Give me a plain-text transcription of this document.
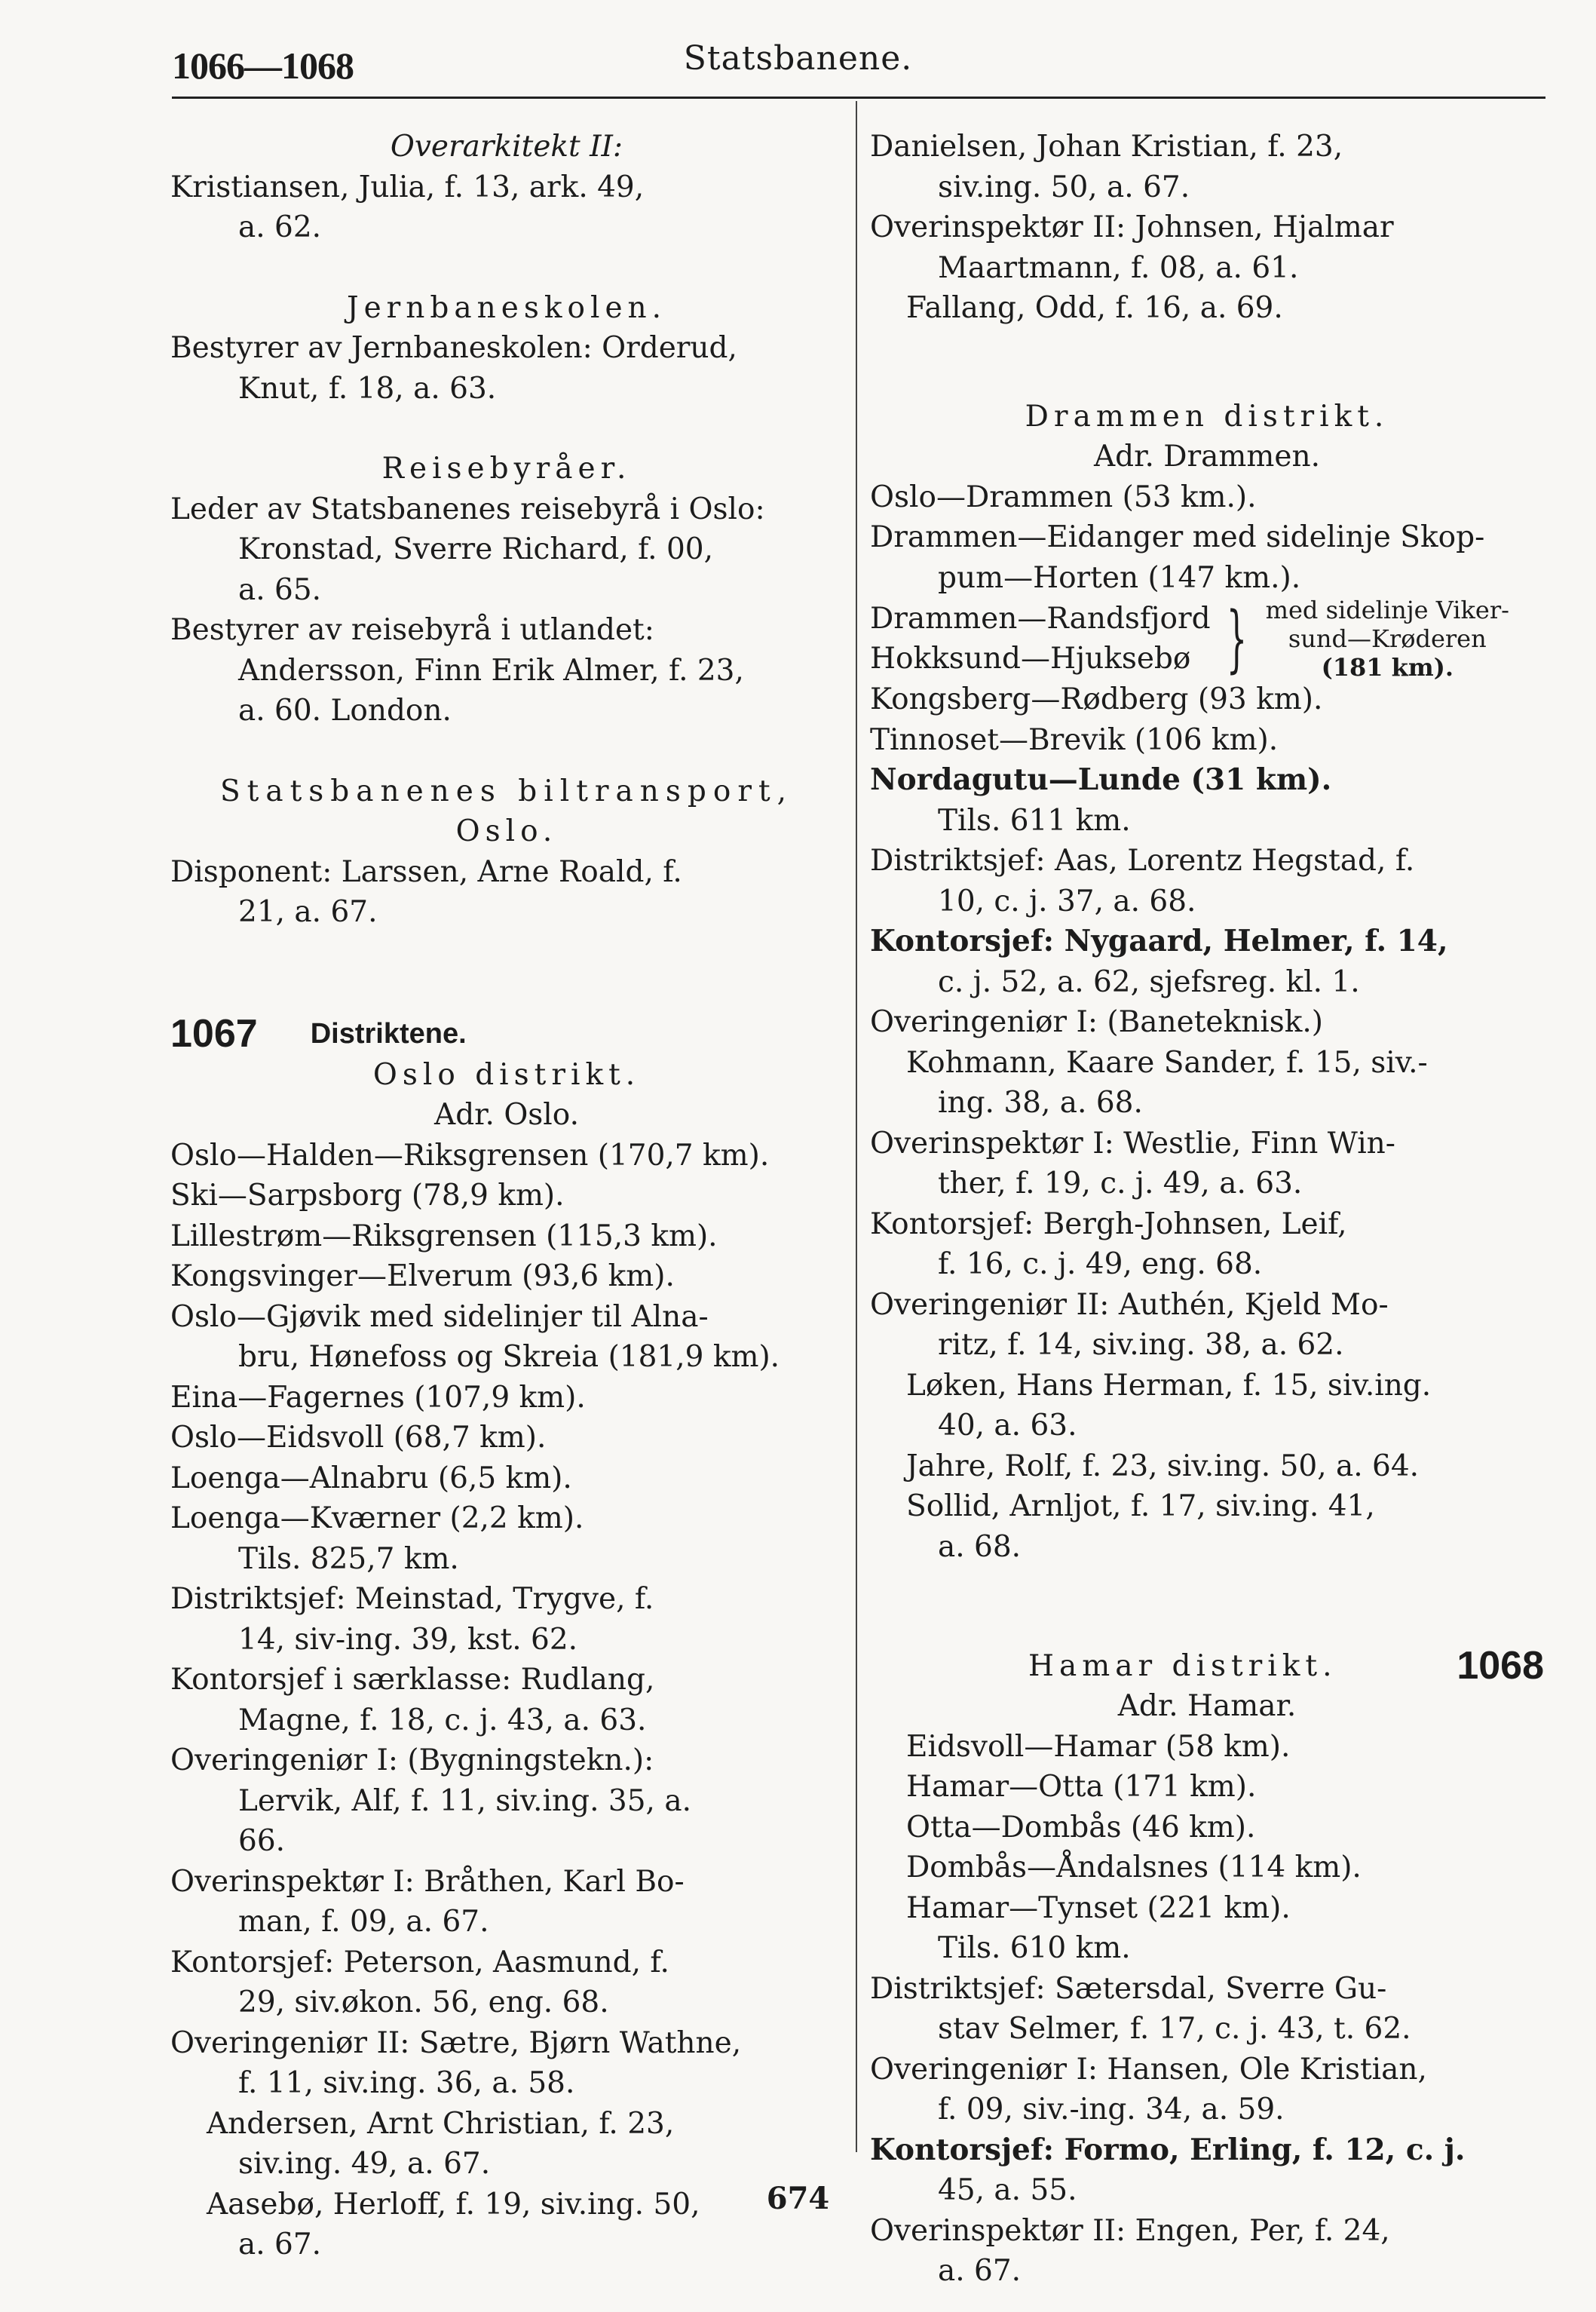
1066—1068	Statsbanene.
Overarkitekt II:
Kristiansen, Julia, f. 13, ark. 49,
a. 62.
Jernbaneskolen.
Bestyrer av Jernbaneskolen: Orderud,
Knut, f. 18, a. 63.
Reisebyråer.
Leder av Statsbanenes reisebyrå i Oslo:
Kronstad, Sverre Richard, f. 00,
a. 65.
Bestyrer av reisebyrå i utlandet:
Andersson, Finn Erik Almer, f. 23,
a. 60. London.
Statsbanenes biltransport,
Oslo.
Disponent: Larssen, Arne Roald, f.
21, a. 67.
1067 Distriktene.
Oslo distrikt.
Adr. Oslo.
Oslo—Halden—Riksgrensen (170,7 km).
Ski—Sarpsborg (78,9 km).
Lillestrøm—Riksgrensen (115,3 km).
Kongsvinger—Elverum (93,6 km).
Oslo—Gjøvik med sidelinjer til Alna-
bru, Hønefoss og Skreia (181,9 km).
Eina—Fagernes (107,9 km).
Oslo—Eidsvoll (68,7 km).
Loenga—Alnabru (6,5 km).
Loenga—Kværner (2,2 km).
Tils. 825,7 km.
Distriktsjef: Meinstad, Trygve, f.
14, siv-ing. 39, kst. 62.
Kontorsjef i særklasse: Rudlang,
Magne, f. 18, c. j. 43, a. 63.
Overingeniør I: (Bygningstekn.):
Lervik, Alf, f. 11, siv.ing. 35, a.
66.
Overinspektør I: Bråthen, Karl Bo-
man, f. 09, a. 67.
Kontorsjef: Peterson, Aasmund, f.
29, siv.økon. 56, eng. 68.
Overingeniør II: Sætre, Bjørn Wathne,
f. 11, siv.ing. 36, a. 58.
Andersen, Arnt Christian, f. 23,
siv.ing. 49, a. 67.
Aasebø, Herloff, f. 19, siv.ing. 50,
a. 67.
Danielsen, Johan Kristian, f. 23,
siv.ing. 50, a. 67.
Overinspektør II: Johnsen, Hjalmar
Maartmann, f. 08, a. 61.
Fallang, Odd, f. 16, a. 69.
Drammen distrikt.
Adr. Drammen.
Oslo—Drammen (53 km.).
Drammen—Eidanger med sidelinje Skop-
pum—Horten (147 km.).
Drammen—Randsfjord
Hokksund—Hjuksebø } med sidelinje Viker-
sund—Krøderen
(181 km).
Kongsberg—Rødberg (93 km).
Tinnoset—Brevik (106 km).
Nordagutu—Lunde (31 km).
Tils. 611 km.
Distriktsjef: Aas, Lorentz Hegstad, f.
10, c. j. 37, a. 68.
Kontorsjef: Nygaard, Helmer, f. 14,
c. j. 52, a. 62, sjefsreg. kl. 1.
Overingeniør I: (Baneteknisk.)
Kohmann, Kaare Sander, f. 15, siv.-
ing. 38, a. 68.
Overinspektør I: Westlie, Finn Win-
ther, f. 19, c. j. 49, a. 63.
Kontorsjef: Bergh-Johnsen, Leif,
f. 16, c. j. 49, eng. 68.
Overingeniør II: Authén, Kjeld Mo-
ritz, f. 14, siv.ing. 38, a. 62.
Løken, Hans Herman, f. 15, siv.ing.
40, a. 63.
Jahre, Rolf, f. 23, siv.ing. 50, a. 64.
Sollid, Arnljot, f. 17, siv.ing. 41,
a. 68.
Hamar distrikt.	1068
Adr. Hamar.
Eidsvoll—Hamar (58 km).
Hamar—Otta (171 km).
Otta—Dombås (46 km).
Dombås—Åndalsnes (114 km).
Hamar—Tynset (221 km).
Tils. 610 km.
Distriktsjef: Sætersdal, Sverre Gu-
stav Selmer, f. 17, c. j. 43, t. 62.
Overingeniør I: Hansen, Ole Kristian,
f. 09, siv.-ing. 34, a. 59.
Kontorsjef: Formo, Erling, f. 12, c. j.
45, a. 55.
Overinspektør II: Engen, Per, f. 24,
a. 67.
674
